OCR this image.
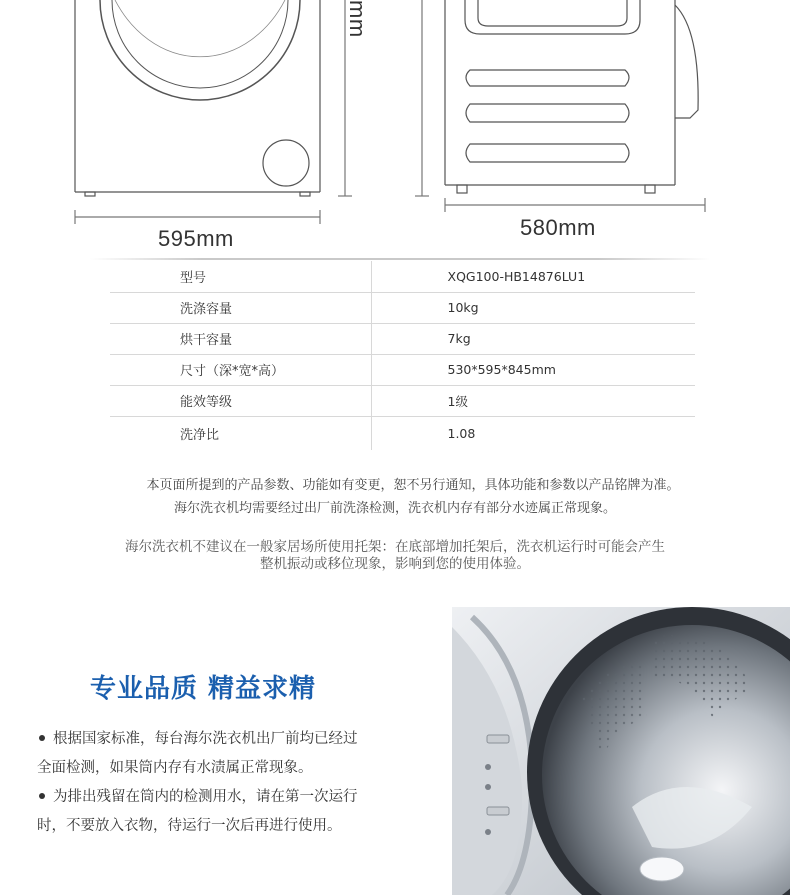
595mm	580mm
mm
型号	XQG100-HB14876LU1
洗涤容量	10kg
烘干容量	7kg
尺寸（深*宽*高）	530*595*845mm
能效等级	1级
洗净比	1.08
本页面所提到的产品参数、功能如有变更，恕不另行通知，具体功能和参数以产品铭牌为准。
海尔洗衣机均需要经过出厂前洗涤检测，洗衣机内存有部分水迹属正常现象。
海尔洗衣机不建议在一般家居场所使用托架：在底部增加托架后，洗衣机运行时可能会产生
整机振动或移位现象，影响到您的使用体验。
专业品质 精益求精
根据国家标准，每台海尔洗衣机出厂前均已经过
全面检测，如果筒内存有水渍属正常现象。
为排出残留在筒内的检测用水，请在第一次运行
时，不要放入衣物，待运行一次后再进行使用。
